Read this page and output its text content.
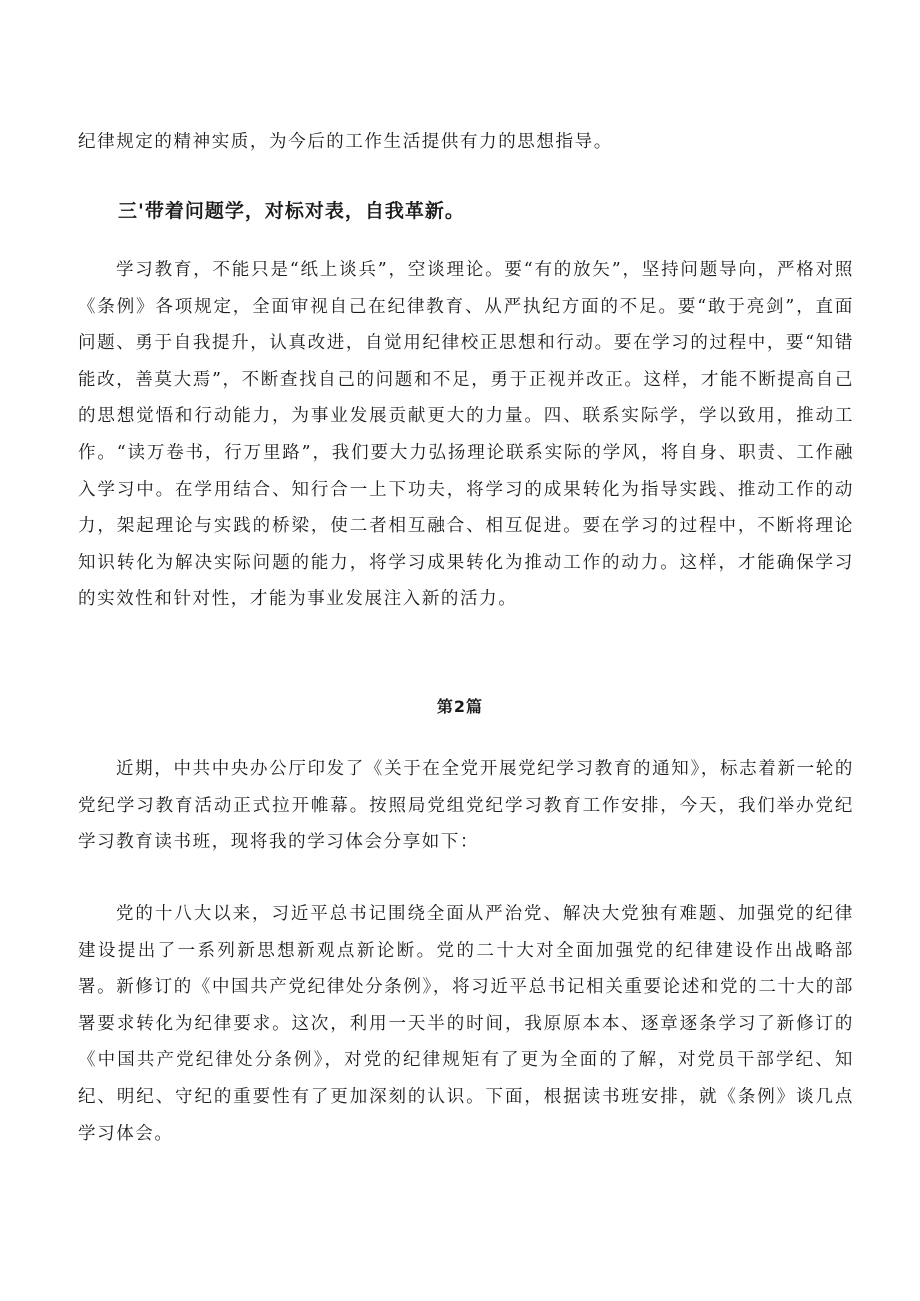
纪律规定的精神实质，为今后的工作生活提供有力的思想指导。

三'带着问题学，对标对表，自我革新。

学习教育，不能只是“纸上谈兵”，空谈理论。要“有的放矢”，坚持问题导向，严格对照《条例》各项规定，全面审视自己在纪律教育、从严执纪方面的不足。要“敢于亮剑”，直面问题、勇于自我提升，认真改进，自觉用纪律校正思想和行动。要在学习的过程中，要“知错能改，善莫大焉”，不断查找自己的问题和不足，勇于正视并改正。这样，才能不断提高自己的思想觉悟和行动能力，为事业发展贡献更大的力量。四、联系实际学，学以致用，推动工作。“读万卷书，行万里路”，我们要大力弘扬理论联系实际的学风，将自身、职责、工作融入学习中。在学用结合、知行合一上下功夫，将学习的成果转化为指导实践、推动工作的动力，架起理论与实践的桥梁，使二者相互融合、相互促进。要在学习的过程中，不断将理论知识转化为解决实际问题的能力，将学习成果转化为推动工作的动力。这样，才能确保学习的实效性和针对性，才能为事业发展注入新的活力。

第2篇

近期，中共中央办公厅印发了《关于在全党开展党纪学习教育的通知》，标志着新一轮的党纪学习教育活动正式拉开帷幕。按照局党组党纪学习教育工作安排，今天，我们举办党纪学习教育读书班，现将我的学习体会分享如下：

党的十八大以来，习近平总书记围绕全面从严治党、解决大党独有难题、加强党的纪律建设提出了一系列新思想新观点新论断。党的二十大对全面加强党的纪律建设作出战略部署。新修订的《中国共产党纪律处分条例》，将习近平总书记相关重要论述和党的二十大的部署要求转化为纪律要求。这次，利用一天半的时间，我原原本本、逐章逐条学习了新修订的《中国共产党纪律处分条例》，对党的纪律规矩有了更为全面的了解，对党员干部学纪、知纪、明纪、守纪的重要性有了更加深刻的认识。下面，根据读书班安排，就《条例》谈几点学习体会。
